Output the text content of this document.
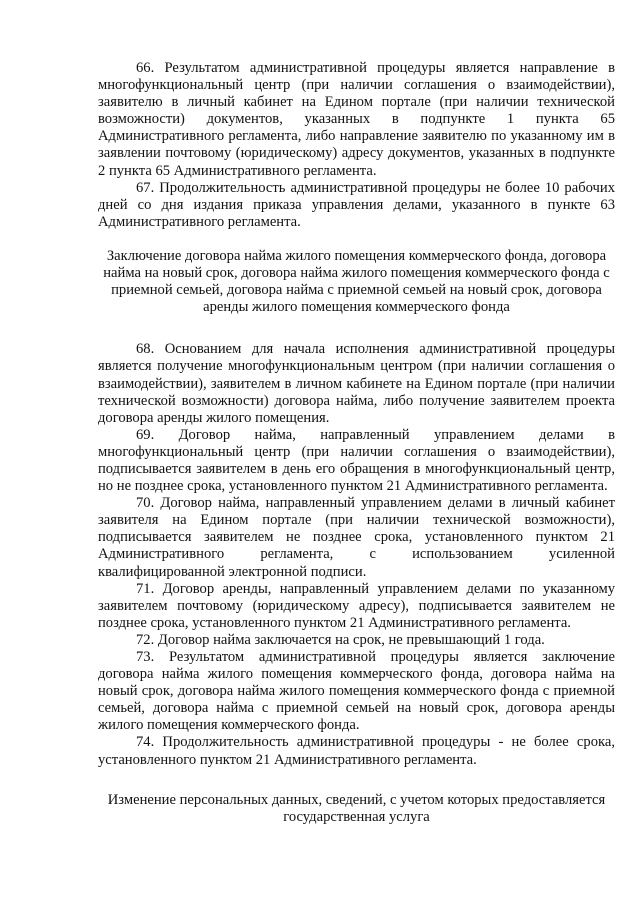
66. Результатом административной процедуры является направление в многофункциональный центр (при наличии соглашения о взаимодействии), заявителю в личный кабинет на Едином портале (при наличии технической возможности) документов, указанных в подпункте 1 пункта 65 Административного регламента, либо направление заявителю по указанному им в заявлении почтовому (юридическому) адресу документов, указанных в подпункте 2 пункта 65 Административного регламента.

67. Продолжительность административной процедуры не более 10 рабочих дней со дня издания приказа управления делами, указанного в пункте 63 Административного регламента.

Заключение договора найма жилого помещения коммерческого фонда, договора найма на новый срок, договора найма жилого помещения коммерческого фонда с приемной семьей, договора найма с приемной семьей на новый срок, договора аренды жилого помещения коммерческого фонда

68. Основанием для начала исполнения административной процедуры является получение многофункциональным центром (при наличии соглашения о взаимодействии), заявителем в личном кабинете на Едином портале (при наличии технической возможности) договора найма, либо получение заявителем проекта договора аренды жилого помещения.

69. Договор найма, направленный управлением делами в многофункциональный центр (при наличии соглашения о взаимодействии), подписывается заявителем в день его обращения в многофункциональный центр, но не позднее срока, установленного пунктом 21 Административного регламента.

70. Договор найма, направленный управлением делами в личный кабинет заявителя на Едином портале (при наличии технической возможности), подписывается заявителем не позднее срока, установленного пунктом 21 Административного регламента, с использованием усиленной квалифицированной электронной подписи.

71. Договор аренды, направленный управлением делами по указанному заявителем почтовому (юридическому адресу), подписывается заявителем не позднее срока, установленного пунктом 21 Административного регламента.

72. Договор найма заключается на срок, не превышающий 1 года.

73. Результатом административной процедуры является заключение договора найма жилого помещения коммерческого фонда, договора найма на новый срок, договора найма жилого помещения коммерческого фонда с приемной семьей, договора найма с приемной семьей на новый срок, договора аренды жилого помещения коммерческого фонда.

74. Продолжительность административной процедуры - не более срока, установленного пунктом 21 Административного регламента.

Изменение персональных данных, сведений, с учетом которых предоставляется государственная услуга
